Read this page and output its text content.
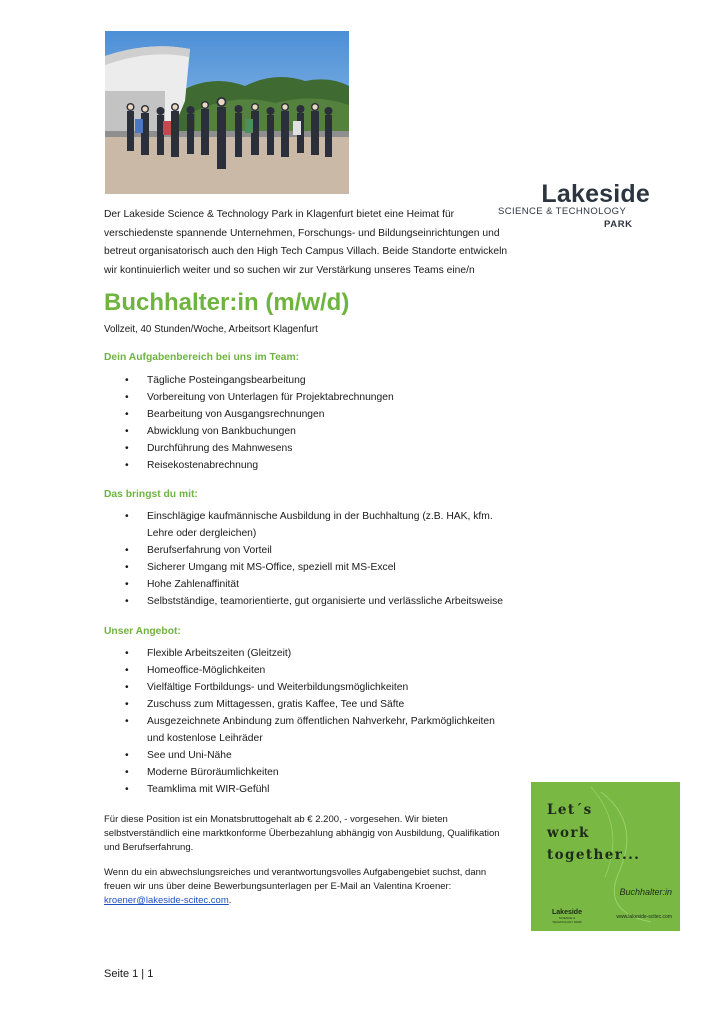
Lakeside
SCIENCE & TECHNOLOGY
PARK
Der Lakeside Science & Technology Park in Klagenfurt bietet eine Heimat für
verschiedenste spannende Unternehmen, Forschungs- und Bildungseinrichtungen und
betreut organisatorisch auch den High Tech Campus Villach. Beide Standorte entwickeln
wir kontinuierlich weiter und so suchen wir zur Verstärkung unseres Teams eine/n
Buchhalter:in (m/w/d)
Vollzeit, 40 Stunden/Woche, Arbeitsort Klagenfurt
Dein Aufgabenbereich bei uns im Team:
• Tägliche Posteingangsbearbeitung
• Vorbereitung von Unterlagen für Projektabrechnungen
• Bearbeitung von Ausgangsrechnungen
• Abwicklung von Bankbuchungen
• Durchführung des Mahnwesens
• Reisekostenabrechnung
Das bringst du mit:
• Einschlägige kaufmännische Ausbildung in der Buchhaltung (z.B. HAK, kfm.
Lehre oder dergleichen)
• Berufserfahrung von Vorteil
• Sicherer Umgang mit MS-Office, speziell mit MS-Excel
• Hohe Zahlenaffinität
• Selbstständige, teamorientierte, gut organisierte und verlässliche Arbeitsweise
Unser Angebot:
• Flexible Arbeitszeiten (Gleitzeit)
• Homeoffice-Möglichkeiten
• Vielfältige Fortbildungs- und Weiterbildungsmöglichkeiten
• Zuschuss zum Mittagessen, gratis Kaffee, Tee und Säfte
• Ausgezeichnete Anbindung zum öffentlichen Nahverkehr, Parkmöglichkeiten
und kostenlose Leihräder
• See und Uni-Nähe
• Moderne Büroräumlichkeiten
• Teamklima mit WIR-Gefühl
Für diese Position ist ein Monatsbruttogehalt ab € 2.200, - vorgesehen. Wir bieten
selbstverständlich eine marktkonforme Überbezahlung abhängig von Ausbildung, Qualifikation
und Berufserfahrung.
Wenn du ein abwechslungsreiches und verantwortungsvolles Aufgabengebiet suchst, dann
freuen wir uns über deine Bewerbungsunterlagen per E-Mail an Valentina Kroener:
kroener@lakeside-scitec.com.
Let´s
work
together...
Buchhalter:in
Lakeside
SCIENCE & TECHNOLOGY PARK
www.lakeside-scitec.com
Seite 1 | 1
